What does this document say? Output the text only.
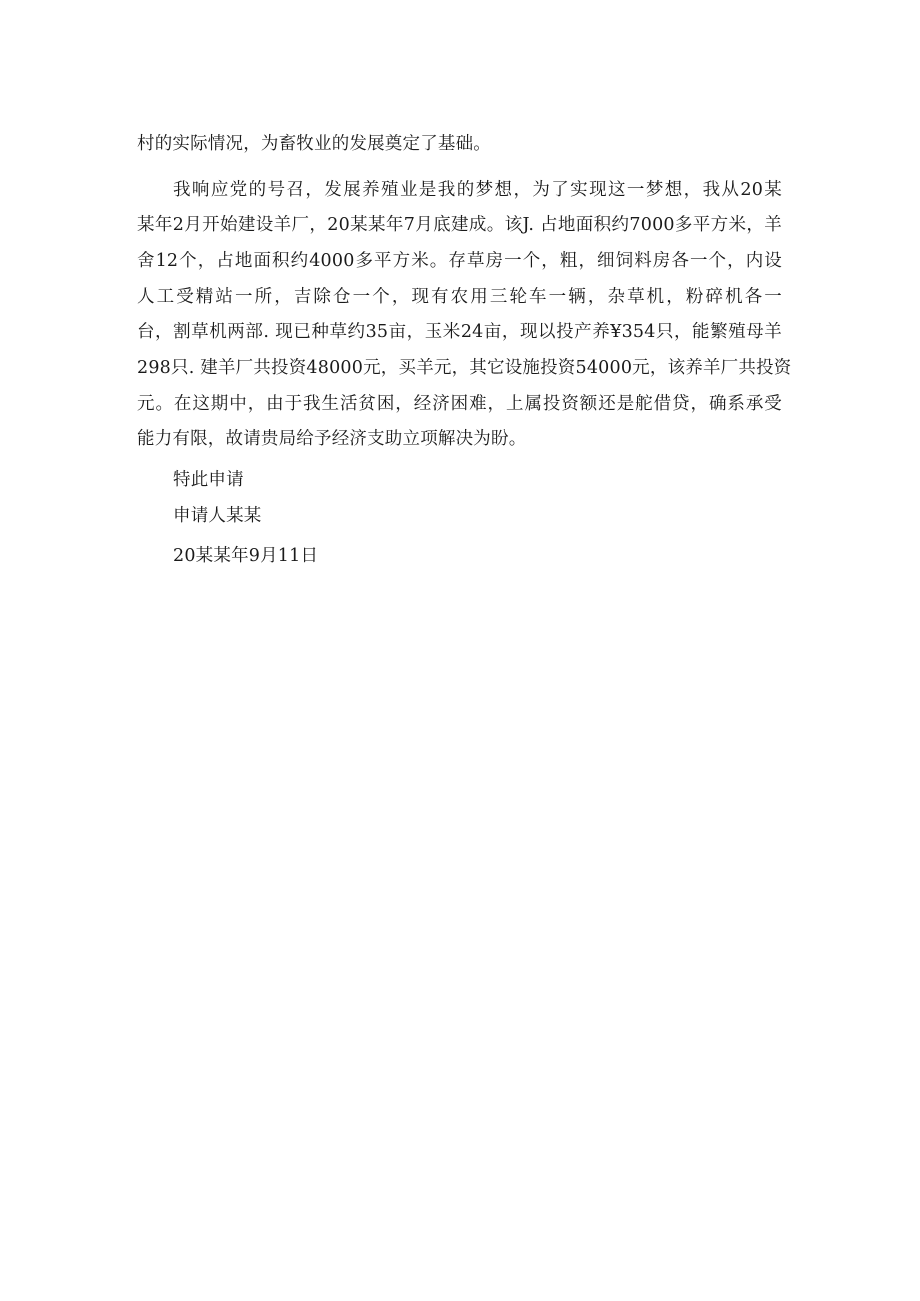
村的实际情况，为畜牧业的发展奠定了基础。
我响应党的号召，发展养殖业是我的梦想，为了实现这一梦想，我从20某
某年2月开始建设羊厂，20某某年7月底建成。该J. 占地面积约7000多平方米，羊
舍12个，占地面积约4000多平方米。存草房一个，粗，细饲料房各一个，内设
人工受精站一所，吉除仓一个，现有农用三轮车一辆，杂草机，粉碎机各一
台，割草机两部. 现已种草约35亩，玉米24亩，现以投产养¥354只，能繁殖母羊
298只. 建羊厂共投资48000元，买羊元，其它设施投资54000元，该养羊厂共投资
元。在这期中，由于我生活贫困，经济困难，上属投资额还是舵借贷，确系承受
能力有限，故请贵局给予经济支助立项解决为盼。
特此申请
申请人某某
20某某年9月11日
